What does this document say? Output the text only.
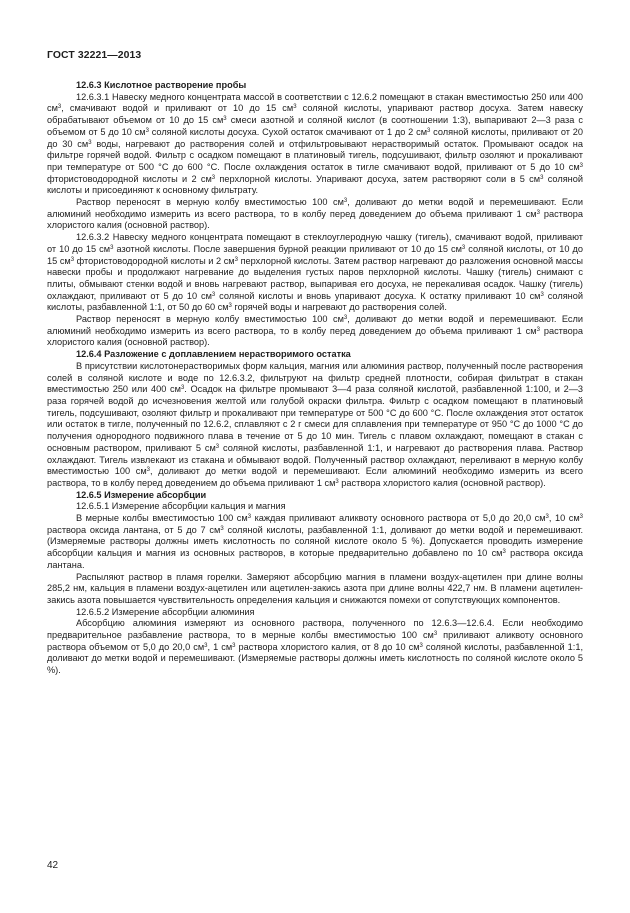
ГОСТ 32221—2013

12.6.3 Кислотное растворение пробы

12.6.3.1 Навеску медного концентрата массой в соответствии с 12.6.2 помещают в стакан вместимостью 250 или 400 $см^3$, смачивают водой и приливают от 10 до 15 $см^3$ соляной кислоты, упаривают раствор досуха. Затем навеску обрабатывают объемом от 10 до 15 $см^3$ смеси азотной и соляной кислот (в соотношении 1:3), выпаривают 2—3 раза с объемом от 5 до 10 $см^3$ соляной кислоты досуха. Сухой остаток смачивают от 1 до 2 $см^3$ соляной кислоты, приливают от 20 до 30 $см^3$ воды, нагревают до растворения солей и отфильтровывают нерастворимый остаток. Промывают осадок на фильтре горячей водой. Фильтр с осадком помещают в платиновый тигель, подсушивают, фильтр озоляют и прокаливают при температуре от 500 °С до 600 °С. После охлаждения остаток в тигле смачивают водой, приливают от 5 до 10 $см^3$ фтористоводородной кислоты и 2 $см^3$ перхлорной кислоты. Упаривают досуха, затем растворяют соли в 5 $см^3$ соляной кислоты и присоединяют к основному фильтрату.

Раствор переносят в мерную колбу вместимостью 100 $см^3$, доливают до метки водой и перемешивают. Если алюминий необходимо измерить из всего раствора, то в колбу перед доведением до объема приливают 1 $см^3$ раствора хлористого калия (основной раствор).

12.6.3.2 Навеску медного концентрата помещают в стеклоуглеродную чашку (тигель), смачивают водой, приливают от 10 до 15 $см^3$ азотной кислоты. После завершения бурной реакции приливают от 10 до 15 $см^3$ соляной кислоты, от 10 до 15 $см^3$ фтористоводородной кислоты и 2 $см^3$ перхлорной кислоты. Затем раствор нагревают до разложения основной массы навески пробы и продолжают нагревание до выделения густых паров перхлорной кислоты. Чашку (тигель) снимают с плиты, обмывают стенки водой и вновь нагревают раствор, выпаривая его досуха, не перекаливая осадок. Чашку (тигель) охлаждают, приливают от 5 до 10 $см^3$ соляной кислоты и вновь упаривают досуха. К остатку приливают 10 $см^3$ соляной кислоты, разбавленной 1:1, от 50 до 60 $см^3$ горячей воды и нагревают до растворения солей.

Раствор переносят в мерную колбу вместимостью 100 $см^3$, доливают до метки водой и перемешивают. Если алюминий необходимо измерить из всего раствора, то в колбу перед доведением до объема приливают 1 $см^3$ раствора хлористого калия (основной раствор).

12.6.4 Разложение с доплавлением нерастворимого остатка

В присутствии кислотонерастворимых форм кальция, магния или алюминия раствор, полученный после растворения солей в соляной кислоте и воде по 12.6.3.2, фильтруют на фильтр средней плотности, собирая фильтрат в стакан вместимостью 250 или 400 $см^3$. Осадок на фильтре промывают 3—4 раза соляной кислотой, разбавленной 1:100, и 2—3 раза горячей водой до исчезновения желтой или голубой окраски фильтра. Фильтр с осадком помещают в платиновый тигель, подсушивают, озоляют фильтр и прокаливают при температуре от 500 °С до 600 °С. После охлаждения этот остаток или остаток в тигле, полученный по 12.6.2, сплавляют с 2 г смеси для сплавления при температуре от 950 °С до 1000 °С до получения однородного подвижного плава в течение от 5 до 10 мин. Тигель с плавом охлаждают, помещают в стакан с основным раствором, приливают 5 $см^3$ соляной кислоты, разбавленной 1:1, и нагревают до растворения плава. Раствор охлаждают. Тигель извлекают из стакана и обмывают водой. Полученный раствор охлаждают, переливают в мерную колбу вместимостью 100 $см^3$, доливают до метки водой и перемешивают. Если алюминий необходимо измерить из всего раствора, то в колбу перед доведением до объема приливают 1 $см^3$ раствора хлористого калия (основной раствор).

12.6.5 Измерение абсорбции

12.6.5.1 Измерение абсорбции кальция и магния

В мерные колбы вместимостью 100 $см^3$ каждая приливают аликвоту основного раствора от 5,0 до 20,0 $см^3$, 10 $см^3$ раствора оксида лантана, от 5 до 7 $см^3$ соляной кислоты, разбавленной 1:1, доливают до метки водой и перемешивают. (Измеряемые растворы должны иметь кислотность по соляной кислоте около 5 %). Допускается проводить измерение абсорбции кальция и магния из основных растворов, в которые предварительно добавлено по 10 $см^3$ раствора оксида лантана.

Распыляют раствор в пламя горелки. Замеряют абсорбцию магния в пламени воздух-ацетилен при длине волны 285,2 нм, кальция в пламени воздух-ацетилен или ацетилен-закись азота при длине волны 422,7 нм. В пламени ацетилен-закись азота повышается чувствительность определения кальция и снижаются помехи от сопутствующих компонентов.

12.6.5.2 Измерение абсорбции алюминия

Абсорбцию алюминия измеряют из основного раствора, полученного по 12.6.3—12.6.4. Если необходимо предварительное разбавление раствора, то в мерные колбы вместимостью 100 $см^3$ приливают аликвоту основного раствора объемом от 5,0 до 20,0 $см^3$, 1 $см^3$ раствора хлористого калия, от 8 до 10 $см^3$ соляной кислоты, разбавленной 1:1, доливают до метки водой и перемешивают. (Измеряемые растворы должны иметь кислотность по соляной кислоте около 5 %).

42
